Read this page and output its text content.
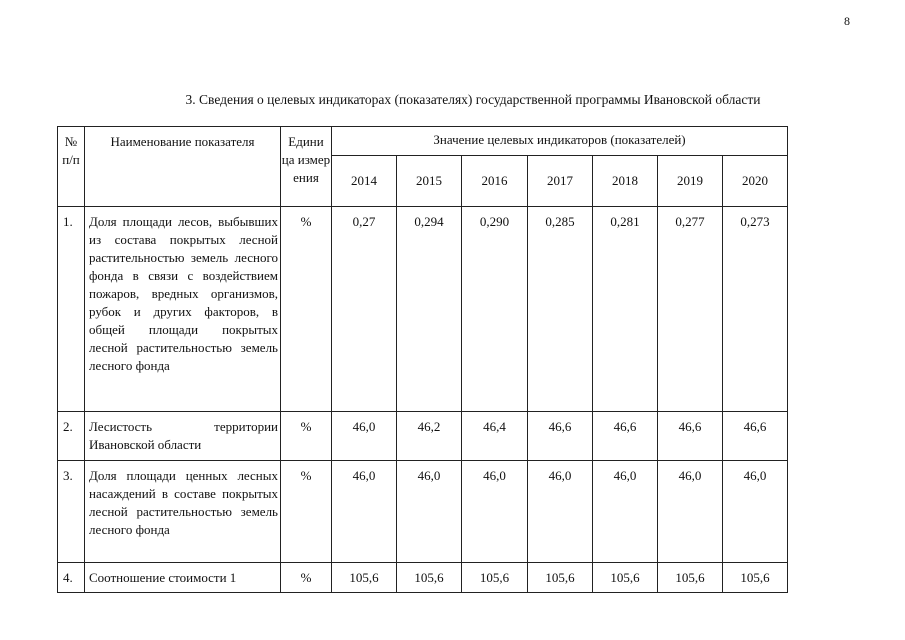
8
3. Сведения о целевых индикаторах (показателях) государственной программы Ивановской области
№ п/п	Наименование показателя	Едини ца измер ения	Значение целевых индикаторов (показателей)						
			2014	2015	2016	2017	2018	2019	2020
1.	Доля площади лесов, выбывших из состава покрытых лесной растительностью земель лесного фонда в связи с воздействием пожаров, вредных организмов, рубок и других факторов, в общей площади покрытых лесной растительностью земель лесного фонда	%	0,27	0,294	0,290	0,285	0,281	0,277	0,273
2.	Лесистость территории Ивановской области	%	46,0	46,2	46,4	46,6	46,6	46,6	46,6
3.	Доля площади ценных лесных насаждений в составе покрытых лесной растительностью земель лесного фонда	%	46,0	46,0	46,0	46,0	46,0	46,0	46,0
4.	Соотношение стоимости 1	%	105,6	105,6	105,6	105,6	105,6	105,6	105,6
